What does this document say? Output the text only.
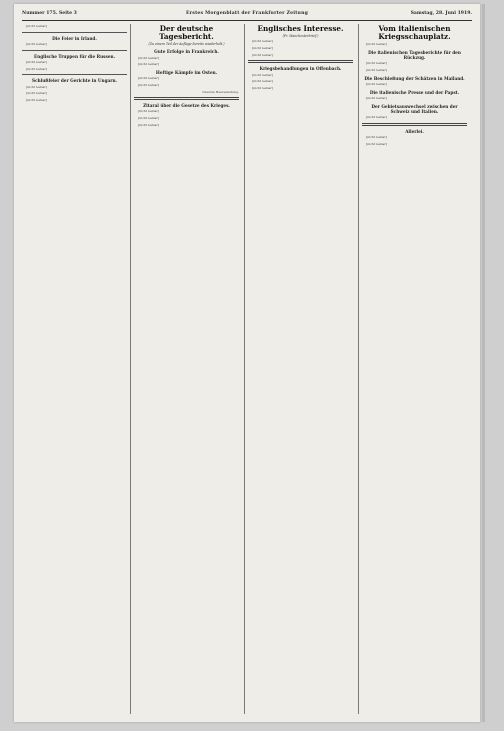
Nummer 175. Seite 3	Erstes Morgenblatt der Frankfurter Zeitung	Samstag, 28. Juni 1919.

[nicht lesbar]

Die Feier in Irland.

[nicht lesbar]

Englische Truppen für die Russen.

[nicht lesbar]

[nicht lesbar]

Schlußfeier der Gerichte in Ungarn.

[nicht lesbar]

[nicht lesbar]

[nicht lesbar]

Der deutsche Tagesbericht.
(Zu einem Teil der Auflage bereits wiederholt.)
Gute Erfolge in Frankreich.

[nicht lesbar]

[nicht lesbar]

Heftige Kämpfe im Osten.

[nicht lesbar]

[nicht lesbar]

Oberste Heeresleitung.
Zitaral über die Gesetze des Krieges.

[nicht lesbar]

[nicht lesbar]

[nicht lesbar]

Englisches Interesse.
(Pr. Manchesterbrief.)

[nicht lesbar]

[nicht lesbar]

[nicht lesbar]

Kriegsbehandlungen in Offenbach.

[nicht lesbar]

[nicht lesbar]

[nicht lesbar]

Vom italienischen Kriegsschauplatz.

[nicht lesbar]

Die italienischen Tagesberichte für den Rückzug.

[nicht lesbar]

[nicht lesbar]

Die Beschießung der Schätzen in Mailand.

[nicht lesbar]

Die italienische Presse und der Papst.

[nicht lesbar]

Der Gebietsauswechsel zwischen der Schweiz und Italien.

[nicht lesbar]

Allerlei.

[nicht lesbar]

[nicht lesbar]
